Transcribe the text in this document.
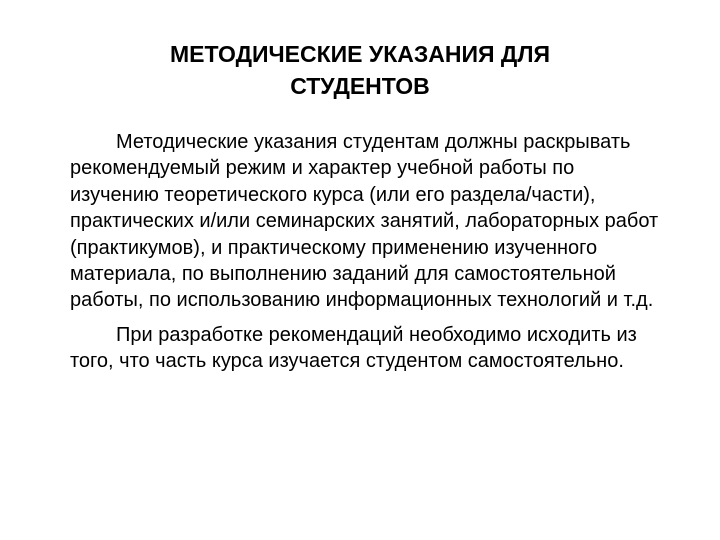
МЕТОДИЧЕСКИЕ УКАЗАНИЯ ДЛЯ
СТУДЕНТОВ

Методические указания студентам должны раскрывать рекомендуемый режим и характер учебной работы по изучению теоретического курса (или его раздела/части), практических и/или семинарских занятий, лабораторных работ (практикумов), и практическому применению изученного материала, по выполнению заданий для самостоятельной работы, по использованию информационных технологий и т.д.

При разработке рекомендаций необходимо исходить из того, что часть курса изучается студентом самостоятельно.
